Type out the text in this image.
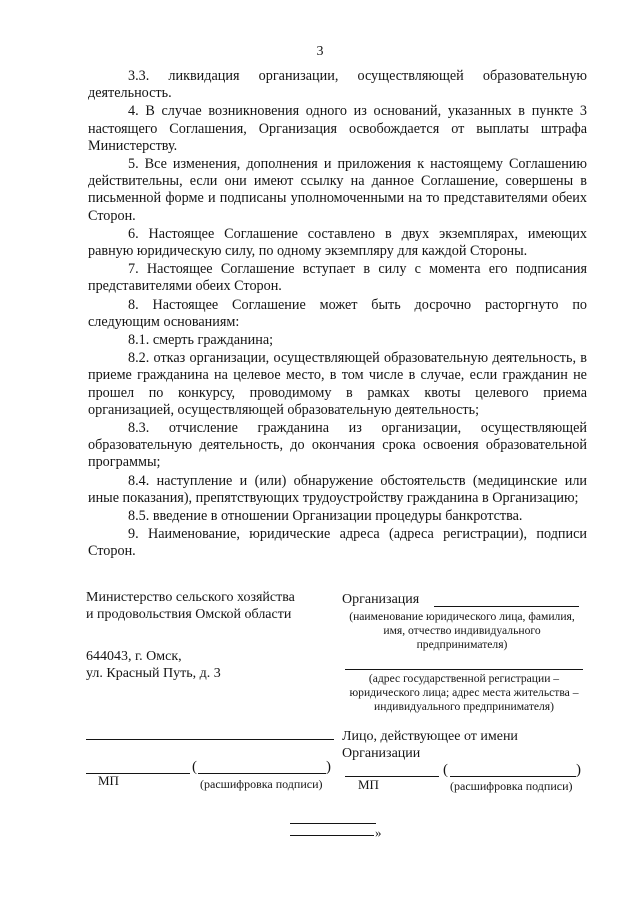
3

3.3. ликвидация организации, осуществляющей образовательную деятельность.

4. В случае возникновения одного из оснований, указанных в пункте 3 настоящего Соглашения, Организация освобождается от выплаты штрафа Министерству.

5. Все изменения, дополнения и приложения к настоящему Соглашению действительны, если они имеют ссылку на данное Соглашение, совершены в письменной форме и подписаны уполномоченными на то представителями обеих Сторон.

6. Настоящее Соглашение составлено в двух экземплярах, имеющих равную юридическую силу, по одному экземпляру для каждой Стороны.

7. Настоящее Соглашение вступает в силу с момента его подписания представителями обеих Сторон.

8. Настоящее Соглашение может быть досрочно расторгнуто по следующим основаниям:

8.1. смерть гражданина;

8.2. отказ организации, осуществляющей образовательную деятельность, в приеме гражданина на целевое место, в том числе в случае, если гражданин не прошел по конкурсу, проводимому в рамках квоты целевого приема организацией, осуществляющей образовательную деятельность;

8.3. отчисление гражданина из организации, осуществляющей образовательную деятельность, до окончания срока освоения образовательной программы;

8.4. наступление и (или) обнаружение обстоятельств (медицинские или иные показания), препятствующих трудоустройству гражданина в Организацию;

8.5. введение в отношении Организации процедуры банкротства.

9. Наименование, юридические адреса (адреса регистрации), подписи Сторон.

Министерство сельского хозяйства
и продовольствия Омской области
644043, г. Омск,
ул. Красный Путь, д. 3
(	)
МП	(расшифровка подписи)
Организация
(наименование юридического лица, фамилия, имя, отчество индивидуального предпринимателя)
(адрес государственной регистрации – юридического лица; адрес места жительства – индивидуального предпринимателя)
Лицо, действующее от имени
Организации
(	)
МП	(расшифровка подписи)
»
